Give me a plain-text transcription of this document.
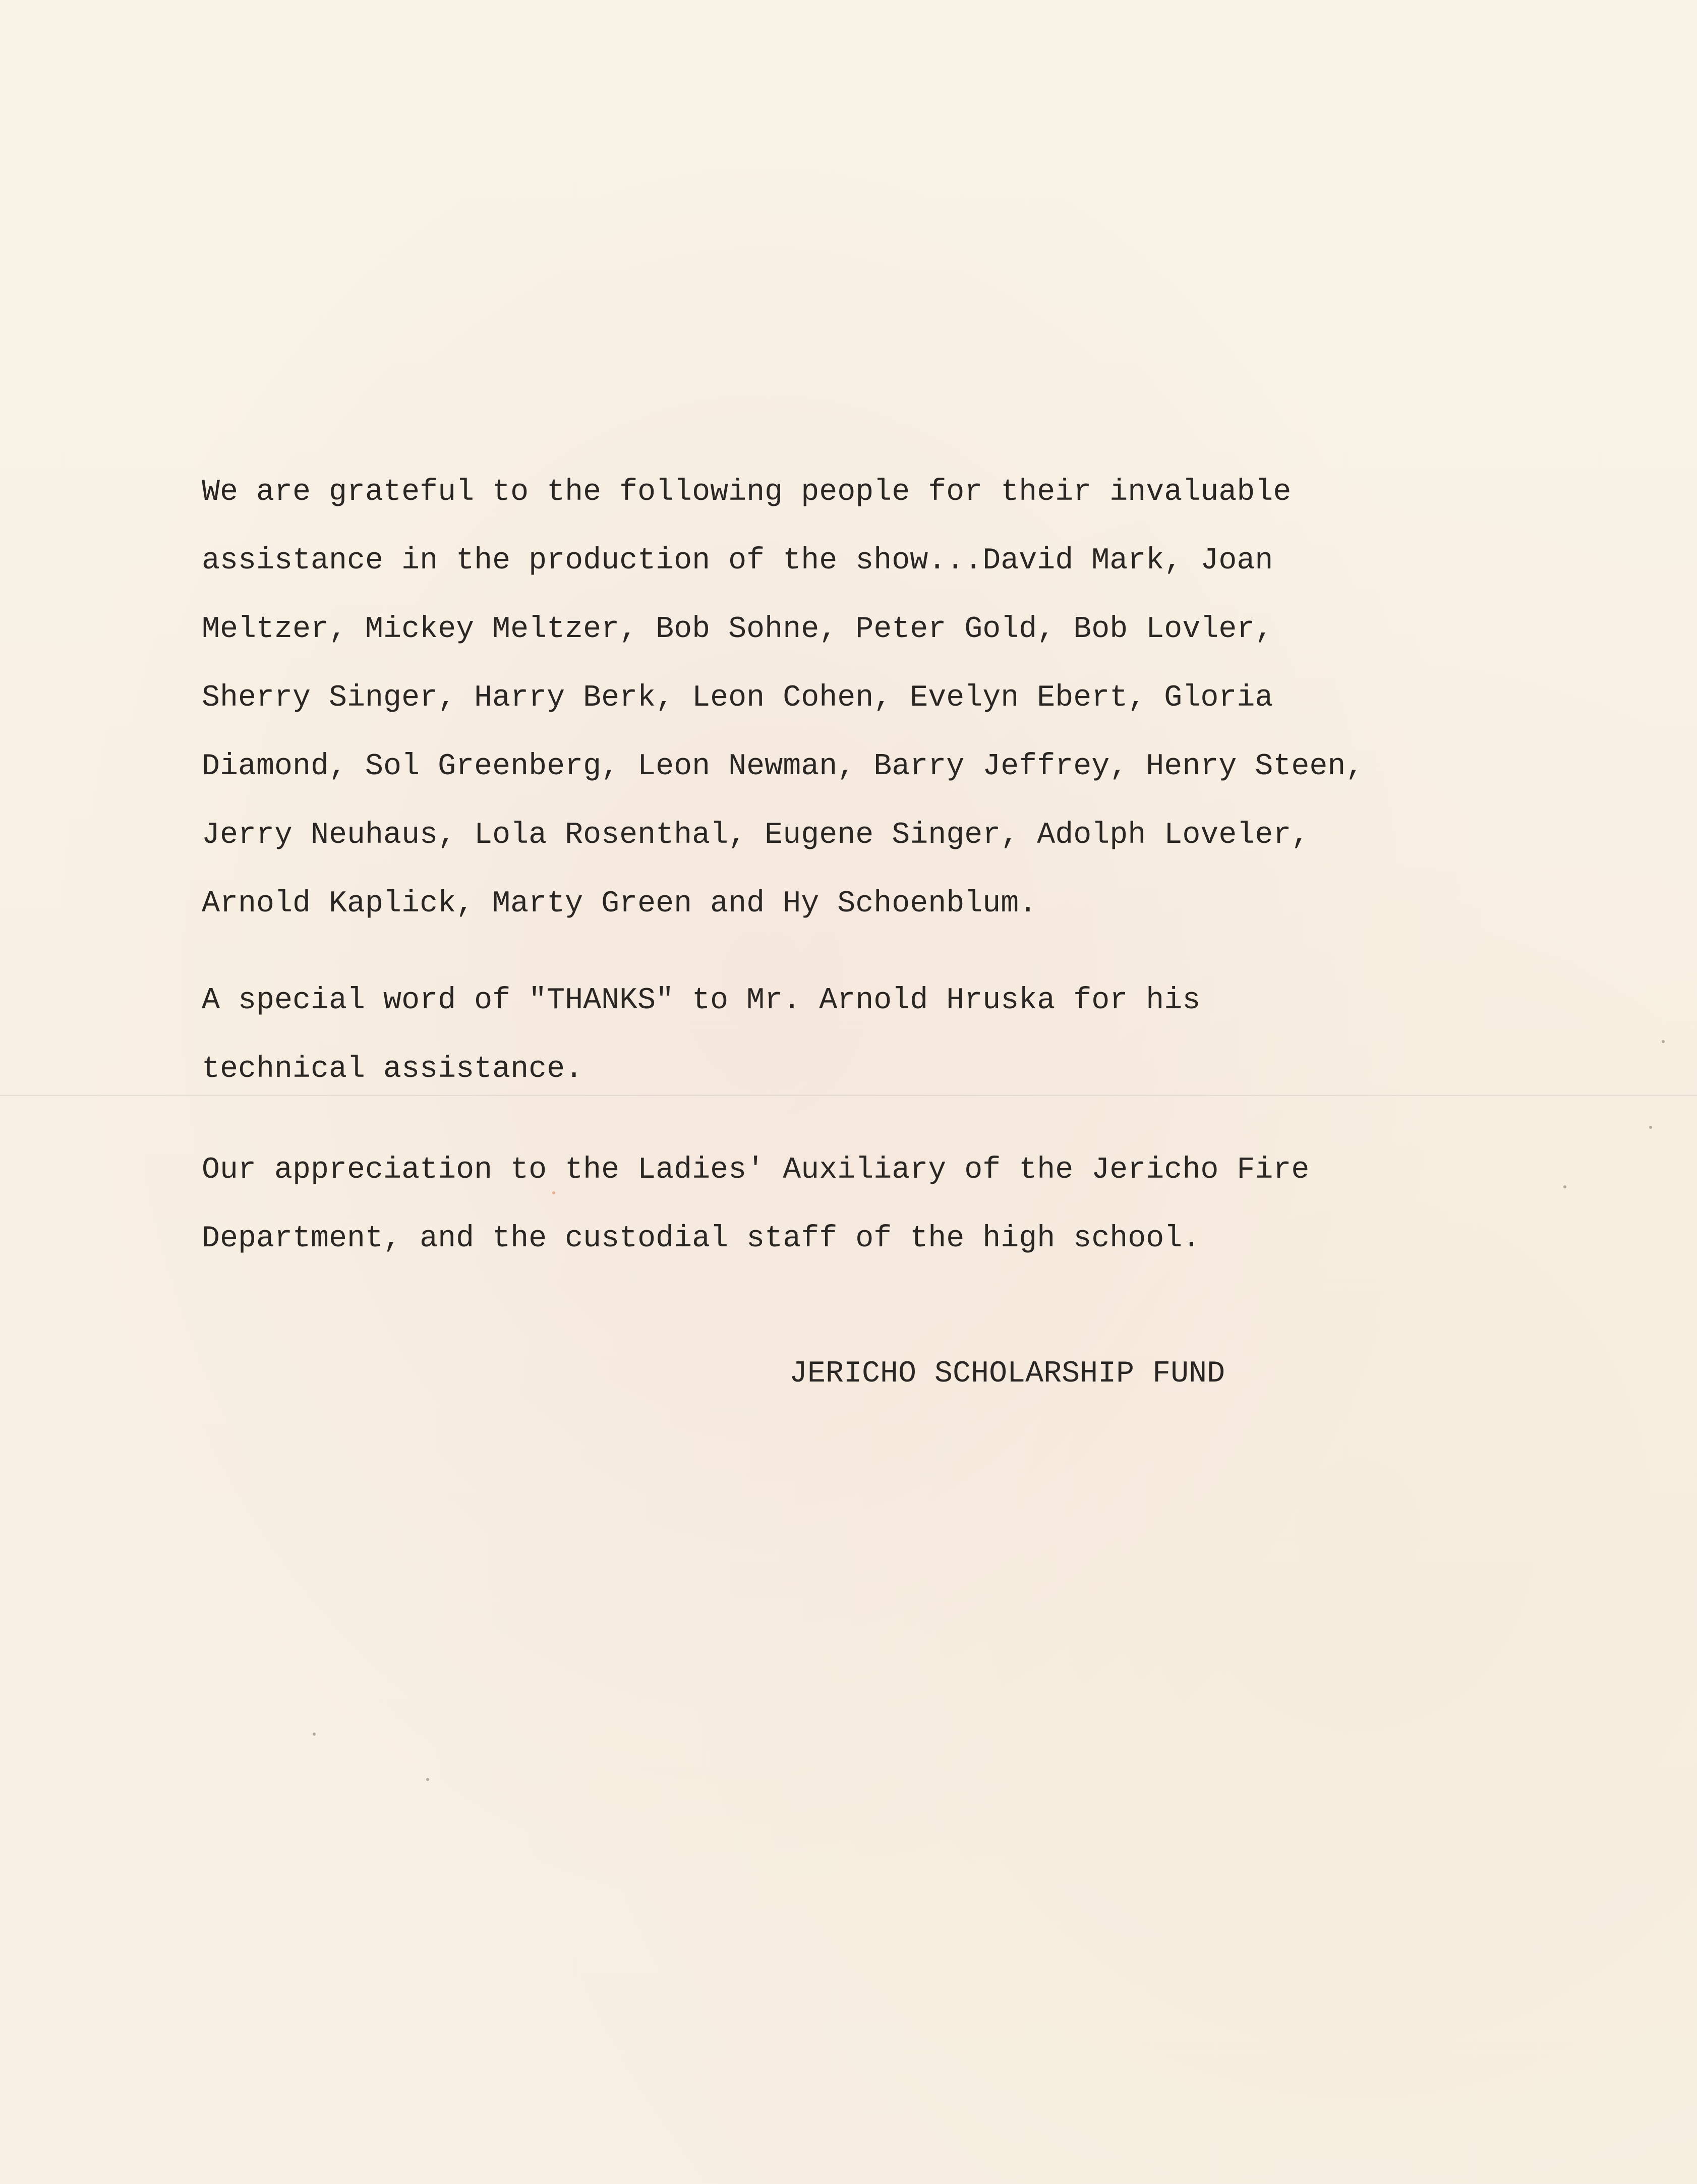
We are grateful to the following people for their invaluable
assistance in the production of the show...David Mark, Joan
Meltzer, Mickey Meltzer, Bob Sohne, Peter Gold, Bob Lovler,
Sherry Singer, Harry Berk, Leon Cohen, Evelyn Ebert, Gloria
Diamond, Sol Greenberg, Leon Newman, Barry Jeffrey, Henry Steen,
Jerry Neuhaus, Lola Rosenthal, Eugene Singer, Adolph Loveler,
Arnold Kaplick, Marty Green and Hy Schoenblum.
A special word of "THANKS" to Mr. Arnold Hruska for his
technical assistance.
Our appreciation to the Ladies' Auxiliary of the Jericho Fire
Department, and the custodial staff of the high school.
JERICHO SCHOLARSHIP FUND
